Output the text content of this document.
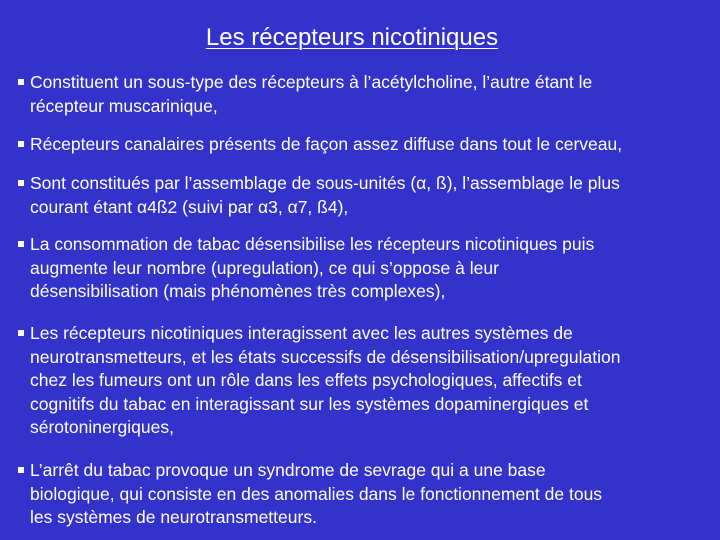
Les récepteurs nicotiniques
Constituent un sous-type des récepteurs à l’acétylcholine, l’autre étant le
récepteur muscarinique,
Récepteurs canalaires présents de façon assez diffuse dans tout le cerveau,
Sont constitués par l’assemblage de sous-unités (α, ß), l’assemblage le plus
courant étant α4ß2 (suivi par α3, α7, ß4),
La consommation de tabac désensibilise les récepteurs nicotiniques puis
augmente leur nombre (upregulation), ce qui s’oppose à leur
désensibilisation (mais phénomènes très complexes),
Les récepteurs nicotiniques interagissent avec les autres systèmes de
neurotransmetteurs, et les états successifs de désensibilisation/upregulation
chez les fumeurs ont un rôle dans les effets psychologiques, affectifs et
cognitifs du tabac en interagissant sur les systèmes dopaminergiques et
sérotoninergiques,
L’arrêt du tabac provoque un syndrome de sevrage qui a une base
biologique, qui consiste en des anomalies dans le fonctionnement de tous
les systèmes de neurotransmetteurs.
